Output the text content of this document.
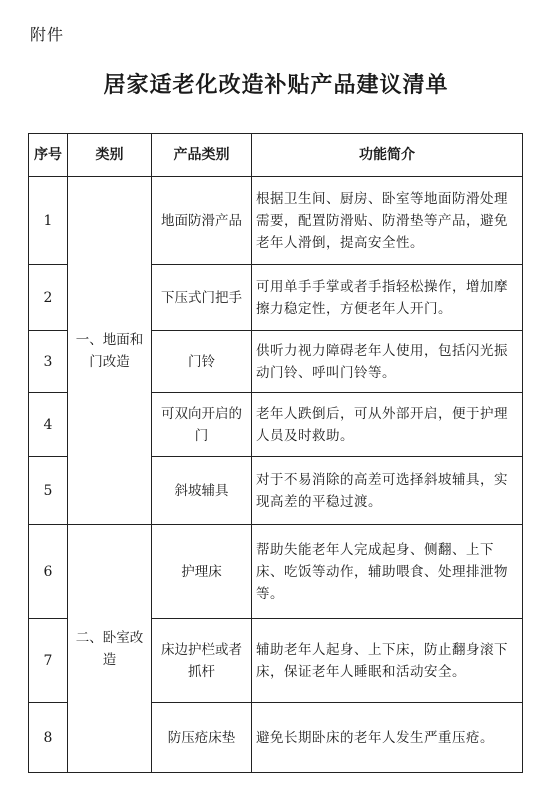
附件
居家适老化改造补贴产品建议清单
序号	类别	产品类别	功能简介
1	一、地面和门改造	地面防滑产品	根据卫生间、厨房、卧室等地面防滑处理需要，配置防滑贴、防滑垫等产品，避免老年人滑倒，提高安全性。
2		下压式门把手	可用单手手掌或者手指轻松操作，增加摩擦力稳定性，方便老年人开门。
3		门铃	供听力视力障碍老年人使用，包括闪光振动门铃、呼叫门铃等。
4		可双向开启的门	老年人跌倒后，可从外部开启，便于护理人员及时救助。
5		斜坡辅具	对于不易消除的高差可选择斜坡辅具，实现高差的平稳过渡。
6	二、卧室改造	护理床	帮助失能老年人完成起身、侧翻、上下床、吃饭等动作，辅助喂食、处理排泄物等。
7		床边护栏或者抓杆	辅助老年人起身、上下床，防止翻身滚下床，保证老年人睡眠和活动安全。
8		防压疮床垫	避免长期卧床的老年人发生严重压疮。
